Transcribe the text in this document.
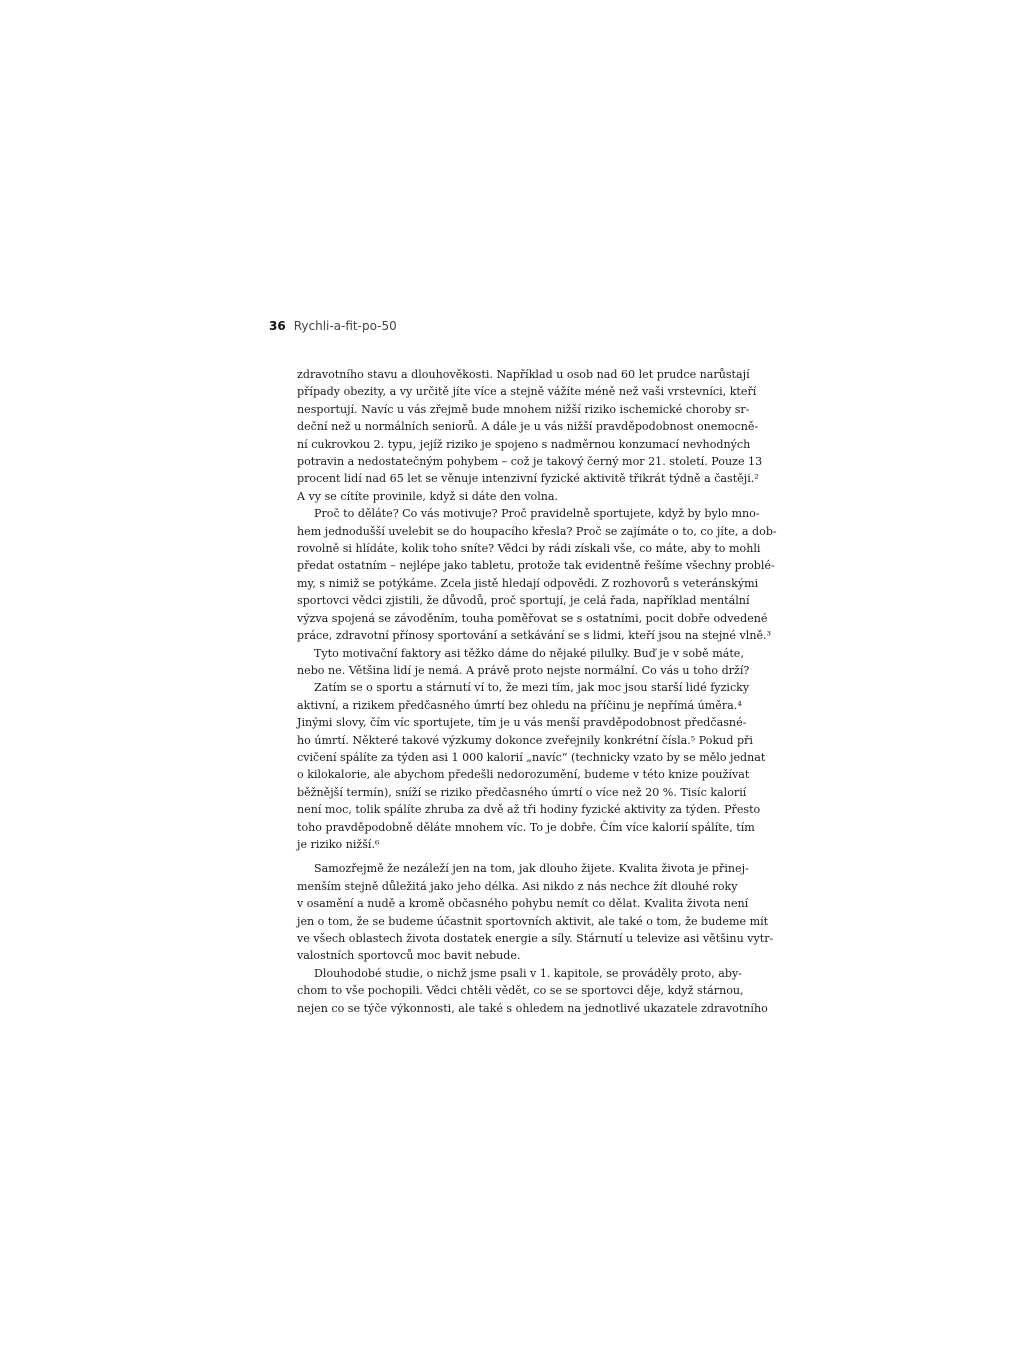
36 Rychli-a-fit-po-50

zdravotního stavu a dlouhověkosti. Například u osob nad 60 let prudce narůstají
případy obezity, a vy určitě jíte více a stejně vážíte méně než vaši vrstevníci, kteří
nesportují. Navíc u vás zřejmě bude mnohem nižší riziko ischemické choroby sr-
deční než u normálních seniorů. A dále je u vás nižší pravděpodobnost onemocně-
ní cukrovkou 2. typu, jejíž riziko je spojeno s nadměrnou konzumací nevhodných
potravin a nedostatečným pohybem – což je takový černý mor 21. století. Pouze 13
procent lidí nad 65 let se věnuje intenzivní fyzické aktivitě třikrát týdně a častěji.²
A vy se cítíte provinile, když si dáte den volna.

Proč to děláte? Co vás motivuje? Proč pravidelně sportujete, když by bylo mno-
hem jednodušší uvelebit se do houpacího křesla? Proč se zajímáte o to, co jíte, a dob-
rovolně si hlídáte, kolik toho sníte? Vědci by rádi získali vše, co máte, aby to mohli
předat ostatním – nejlépe jako tabletu, protože tak evidentně řešíme všechny problé-
my, s nimiž se potýkáme. Zcela jistě hledají odpovědi. Z rozhovorů s veteránskými
sportovci vědci zjistili, že důvodů, proč sportují, je celá řada, například mentální
výzva spojená se závoděním, touha poměřovat se s ostatními, pocit dobře odvedené
práce, zdravotní přínosy sportování a setkávání se s lidmi, kteří jsou na stejné vlně.³

Tyto motivační faktory asi těžko dáme do nějaké pilulky. Buď je v sobě máte,
nebo ne. Většina lidí je nemá. A právě proto nejste normální. Co vás u toho drží?

Zatím se o sportu a stárnutí ví to, že mezi tím, jak moc jsou starší lidé fyzicky
aktivní, a rizikem předčasného úmrtí bez ohledu na příčinu je nepřímá úměra.⁴
Jinými slovy, čím víc sportujete, tím je u vás menší pravděpodobnost předčasné-
ho úmrtí. Některé takové výzkumy dokonce zveřejnily konkrétní čísla.⁵ Pokud při
cvičení spálíte za týden asi 1 000 kalorií „navíc“ (technicky vzato by se mělo jednat
o kilokalorie, ale abychom předešli nedorozumění, budeme v této knize používat
běžnější termín), sníží se riziko předčasného úmrtí o více než 20 %. Tisíc kalorií
není moc, tolik spálíte zhruba za dvě až tři hodiny fyzické aktivity za týden. Přesto
toho pravděpodobně děláte mnohem víc. To je dobře. Čím více kalorií spálíte, tím
je riziko nižší.⁶

Samozřejmě že nezáleží jen na tom, jak dlouho žijete. Kvalita života je přinej-
menším stejně důležitá jako jeho délka. Asi nikdo z nás nechce žít dlouhé roky
v osamění a nudě a kromě občasného pohybu nemít co dělat. Kvalita života není
jen o tom, že se budeme účastnit sportovních aktivit, ale také o tom, že budeme mít
ve všech oblastech života dostatek energie a síly. Stárnutí u televize asi většinu vytr-
valostních sportovců moc bavit nebude.

Dlouhodobé studie, o nichž jsme psali v 1. kapitole, se prováděly proto, aby-
chom to vše pochopili. Vědci chtěli vědět, co se se sportovci děje, když stárnou,
nejen co se týče výkonnosti, ale také s ohledem na jednotlivé ukazatele zdravotního
